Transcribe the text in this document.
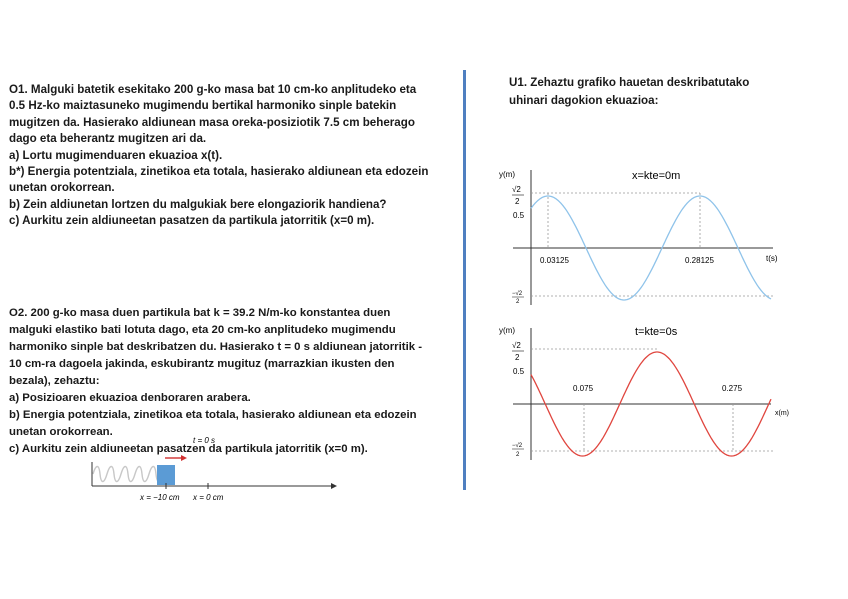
O1. Malguki batetik esekitako 200 g-ko masa bat 10 cm-ko anplitudeko eta
0.5 Hz-ko maiztasuneko mugimendu bertikal harmoniko sinple batekin
mugitzen da. Hasierako aldiunean masa oreka-posiziotik 7.5 cm beherago
dago eta beherantz mugitzen ari da.
a) Lortu mugimenduaren ekuazioa x(t).
b*) Energia potentziala, zinetikoa eta totala, hasierako aldiunean eta edozein
unetan orokorrean.
b) Zein aldiunetan lortzen du malgukiak bere elongaziorik handiena?
c) Aurkitu zein aldiuneetan pasatzen da partikula jatorritik (x=0 m).
O2. 200 g-ko masa duen partikula bat k = 39.2 N/m-ko konstantea duen
malguki elastiko bati lotuta dago, eta 20 cm-ko anplitudeko mugimendu
harmoniko sinple bat deskribatzen du. Hasierako t = 0 s aldiunean jatorritik -
10 cm-ra dagoela jakinda, eskubirantz mugituz (marrazkian ikusten den
bezala), zehaztu:
a) Posizioaren ekuazioa denboraren arabera.
b) Energia potentziala, zinetikoa eta totala, hasierako aldiunean eta edozein
unetan orokorrean.
c) Aurkitu zein aldiuneetan pasatzen da partikula jatorritik (x=0 m).
t = 0 s
x = −10 cm x = 0 cm
U1. Zehaztu grafiko hauetan deskribatutako
uhinari dagokion ekuazioa:
y(m)
t(s)
x=kte=0m
√2
2
0.5
−√2
2
0.03125	0.28125
y(m)
x(m)
t=kte=0s
√2
2
0.5
−√2
2
0.075	0.275
